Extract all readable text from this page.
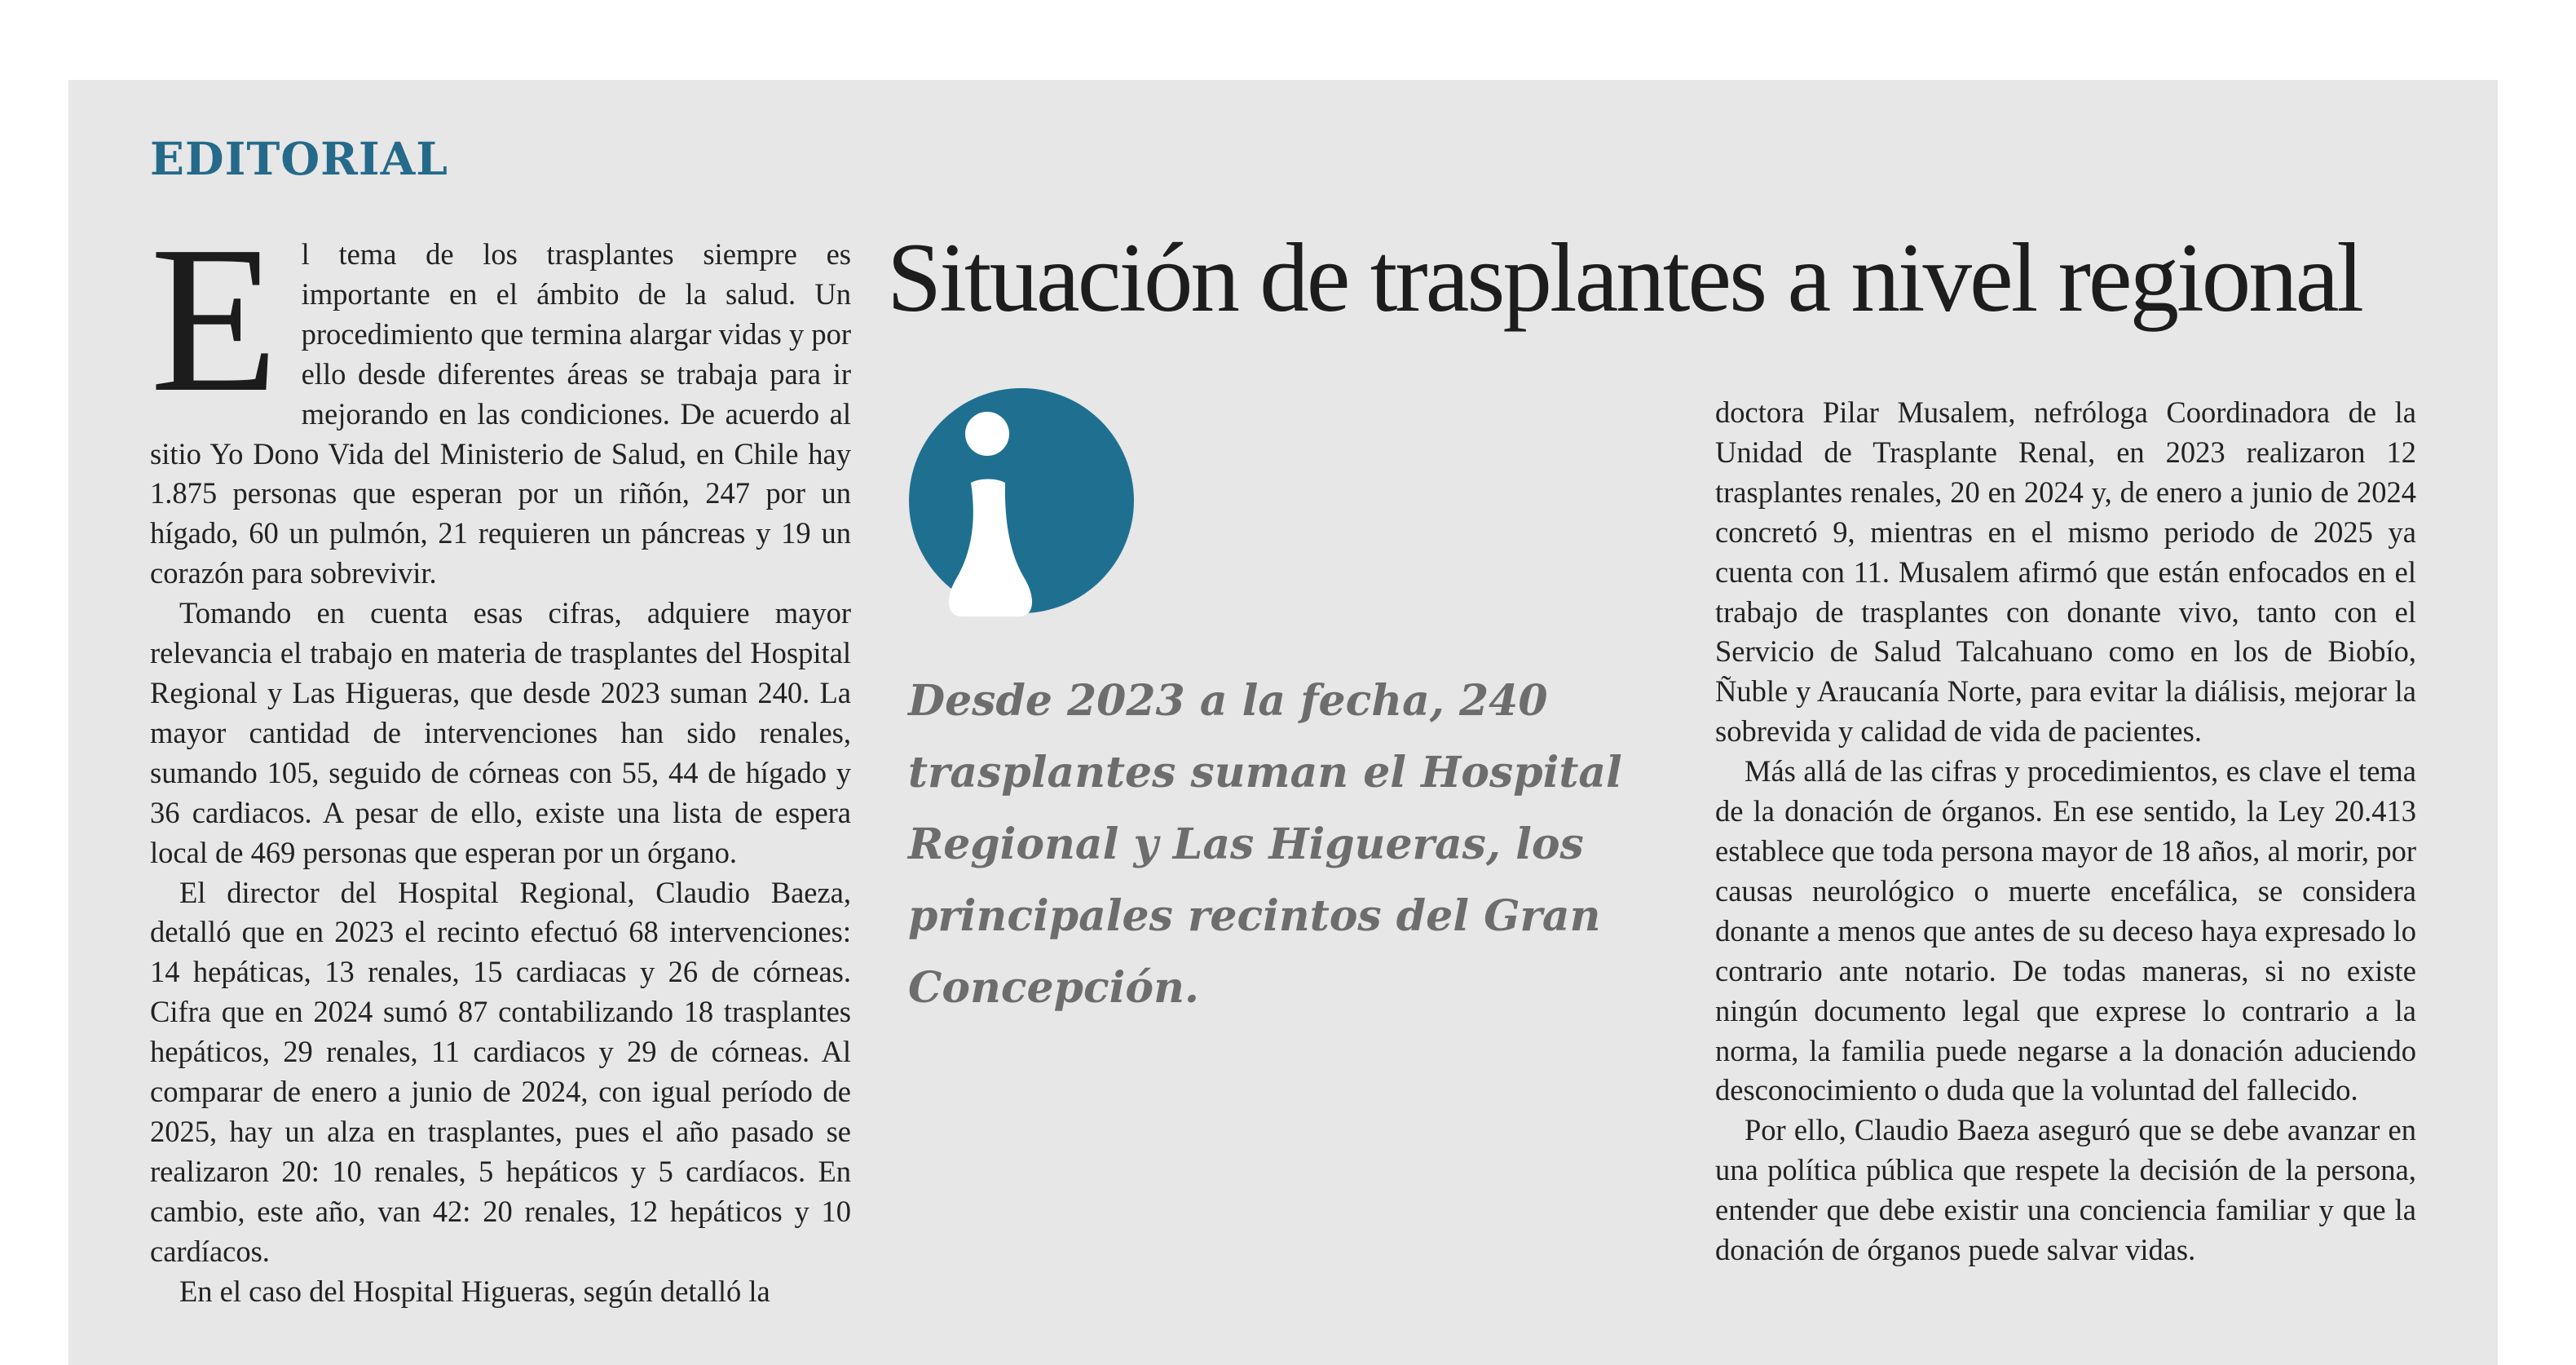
EDITORIAL
Situación de trasplantes a nivel regional

El tema de los trasplantes siempre es importante en el ámbito de la salud. Un procedimiento que termina alargar vidas y por ello desde diferentes áreas se trabaja para ir mejorando en las condiciones. De acuerdo al sitio Yo Dono Vida del Ministerio de Salud, en Chile hay 1.875 personas que esperan por un riñón, 247 por un hígado, 60 un pulmón, 21 requieren un páncreas y 19 un corazón para sobrevivir.

Tomando en cuenta esas cifras, adquiere mayor relevancia el trabajo en materia de trasplantes del Hospital Regional y Las Higueras, que desde 2023 suman 240. La mayor cantidad de intervenciones han sido renales, sumando 105, seguido de córneas con 55, 44 de hígado y 36 cardiacos. A pesar de ello, existe una lista de espera local de 469 personas que esperan por un órgano.

El director del Hospital Regional, Claudio Baeza, detalló que en 2023 el recinto efectuó 68 intervenciones: 14 hepáticas, 13 renales, 15 cardiacas y 26 de córneas. Cifra que en 2024 sumó 87 contabilizando 18 trasplantes hepáticos, 29 renales, 11 cardiacos y 29 de córneas. Al comparar de enero a junio de 2024, con igual período de 2025, hay un alza en trasplantes, pues el año pasado se realizaron 20: 10 renales, 5 hepáticos y 5 cardíacos. En cambio, este año, van 42: 20 renales, 12 hepáticos y 10 cardíacos.

En el caso del Hospital Higueras, según detalló la

Desde 2023 a la fecha, 240 trasplantes suman el Hospital Regional y Las Higueras, los principales recintos del Gran Concepción.

doctora Pilar Musalem, nefróloga Coordinadora de la Unidad de Trasplante Renal, en 2023 realizaron 12 trasplantes renales, 20 en 2024 y, de enero a junio de 2024 concretó 9, mientras en el mismo periodo de 2025 ya cuenta con 11. Musalem afirmó que están enfocados en el trabajo de trasplantes con donante vivo, tanto con el Servicio de Salud Talcahuano como en los de Biobío, Ñuble y Araucanía Norte, para evitar la diálisis, mejorar la sobrevida y calidad de vida de pacientes.

Más allá de las cifras y procedimientos, es clave el tema de la donación de órganos. En ese sentido, la Ley 20.413 establece que toda persona mayor de 18 años, al morir, por causas neurológico o muerte encefálica, se considera donante a menos que antes de su deceso haya expresado lo contrario ante notario. De todas maneras, si no existe ningún documento legal que exprese lo contrario a la norma, la familia puede negarse a la donación aduciendo desconocimiento o duda que la voluntad del fallecido.

Por ello, Claudio Baeza aseguró que se debe avanzar en una política pública que respete la decisión de la persona, entender que debe existir una conciencia familiar y que la donación de órganos puede salvar vidas.
